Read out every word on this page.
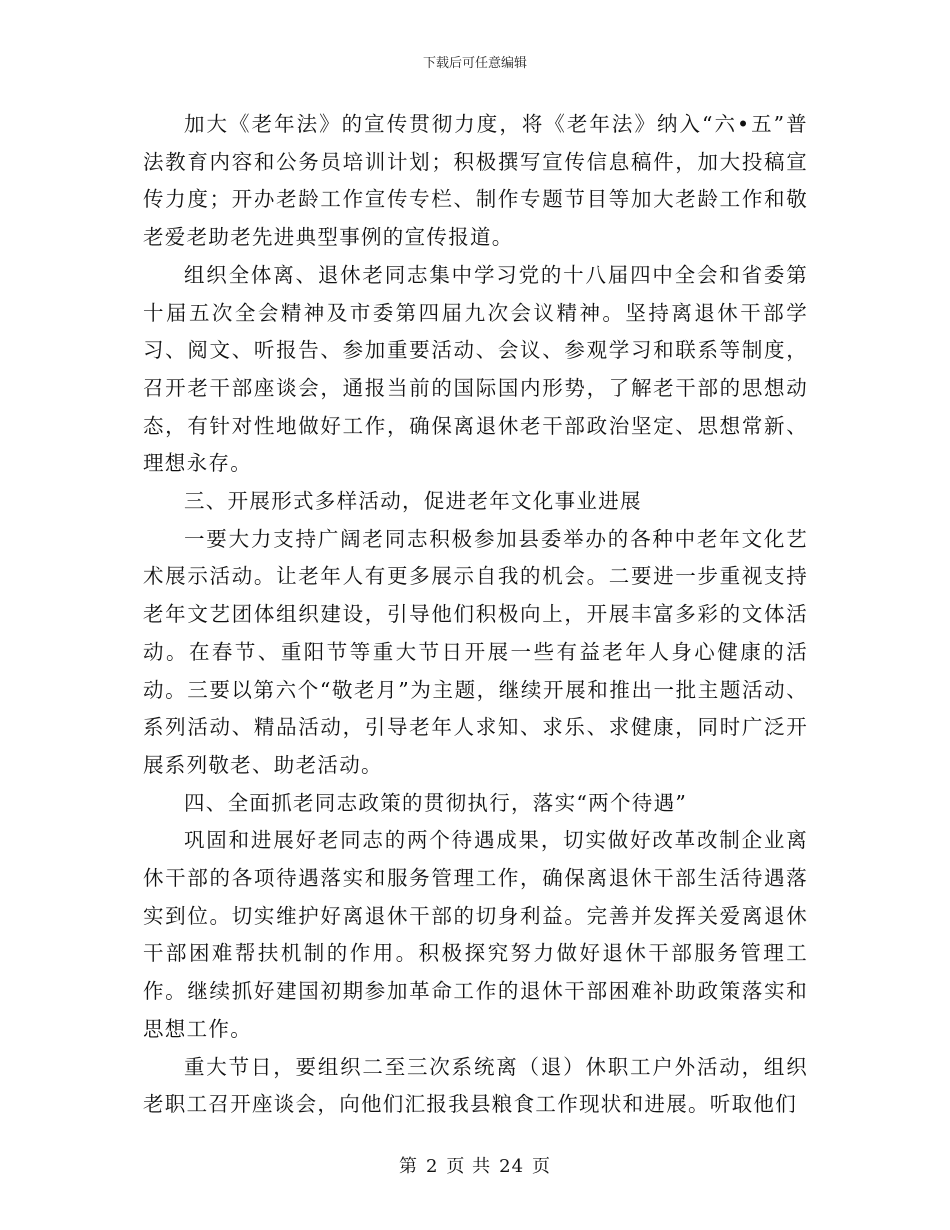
下载后可任意编辑

加大《老年法》的宣传贯彻力度，将《老年法》纳入“六•五”普法教育内容和公务员培训计划；积极撰写宣传信息稿件，加大投稿宣传力度；开办老龄工作宣传专栏、制作专题节目等加大老龄工作和敬老爱老助老先进典型事例的宣传报道。

组织全体离、退休老同志集中学习党的十八届四中全会和省委第十届五次全会精神及市委第四届九次会议精神。坚持离退休干部学习、阅文、听报告、参加重要活动、会议、参观学习和联系等制度，召开老干部座谈会，通报当前的国际国内形势，了解老干部的思想动态，有针对性地做好工作，确保离退休老干部政治坚定、思想常新、理想永存。

三、开展形式多样活动，促进老年文化事业进展

一要大力支持广阔老同志积极参加县委举办的各种中老年文化艺术展示活动。让老年人有更多展示自我的机会。二要进一步重视支持老年文艺团体组织建设，引导他们积极向上，开展丰富多彩的文体活动。在春节、重阳节等重大节日开展一些有益老年人身心健康的活动。三要以第六个“敬老月”为主题，继续开展和推出一批主题活动、系列活动、精品活动，引导老年人求知、求乐、求健康，同时广泛开展系列敬老、助老活动。

四、全面抓老同志政策的贯彻执行，落实“两个待遇”

巩固和进展好老同志的两个待遇成果，切实做好改革改制企业离休干部的各项待遇落实和服务管理工作，确保离退休干部生活待遇落实到位。切实维护好离退休干部的切身利益。完善并发挥关爱离退休干部困难帮扶机制的作用。积极探究努力做好退休干部服务管理工作。继续抓好建国初期参加革命工作的退休干部困难补助政策落实和思想工作。

重大节日，要组织二至三次系统离（退）休职工户外活动，组织老职工召开座谈会，向他们汇报我县粮食工作现状和进展。听取他们

第 2 页 共 24 页
